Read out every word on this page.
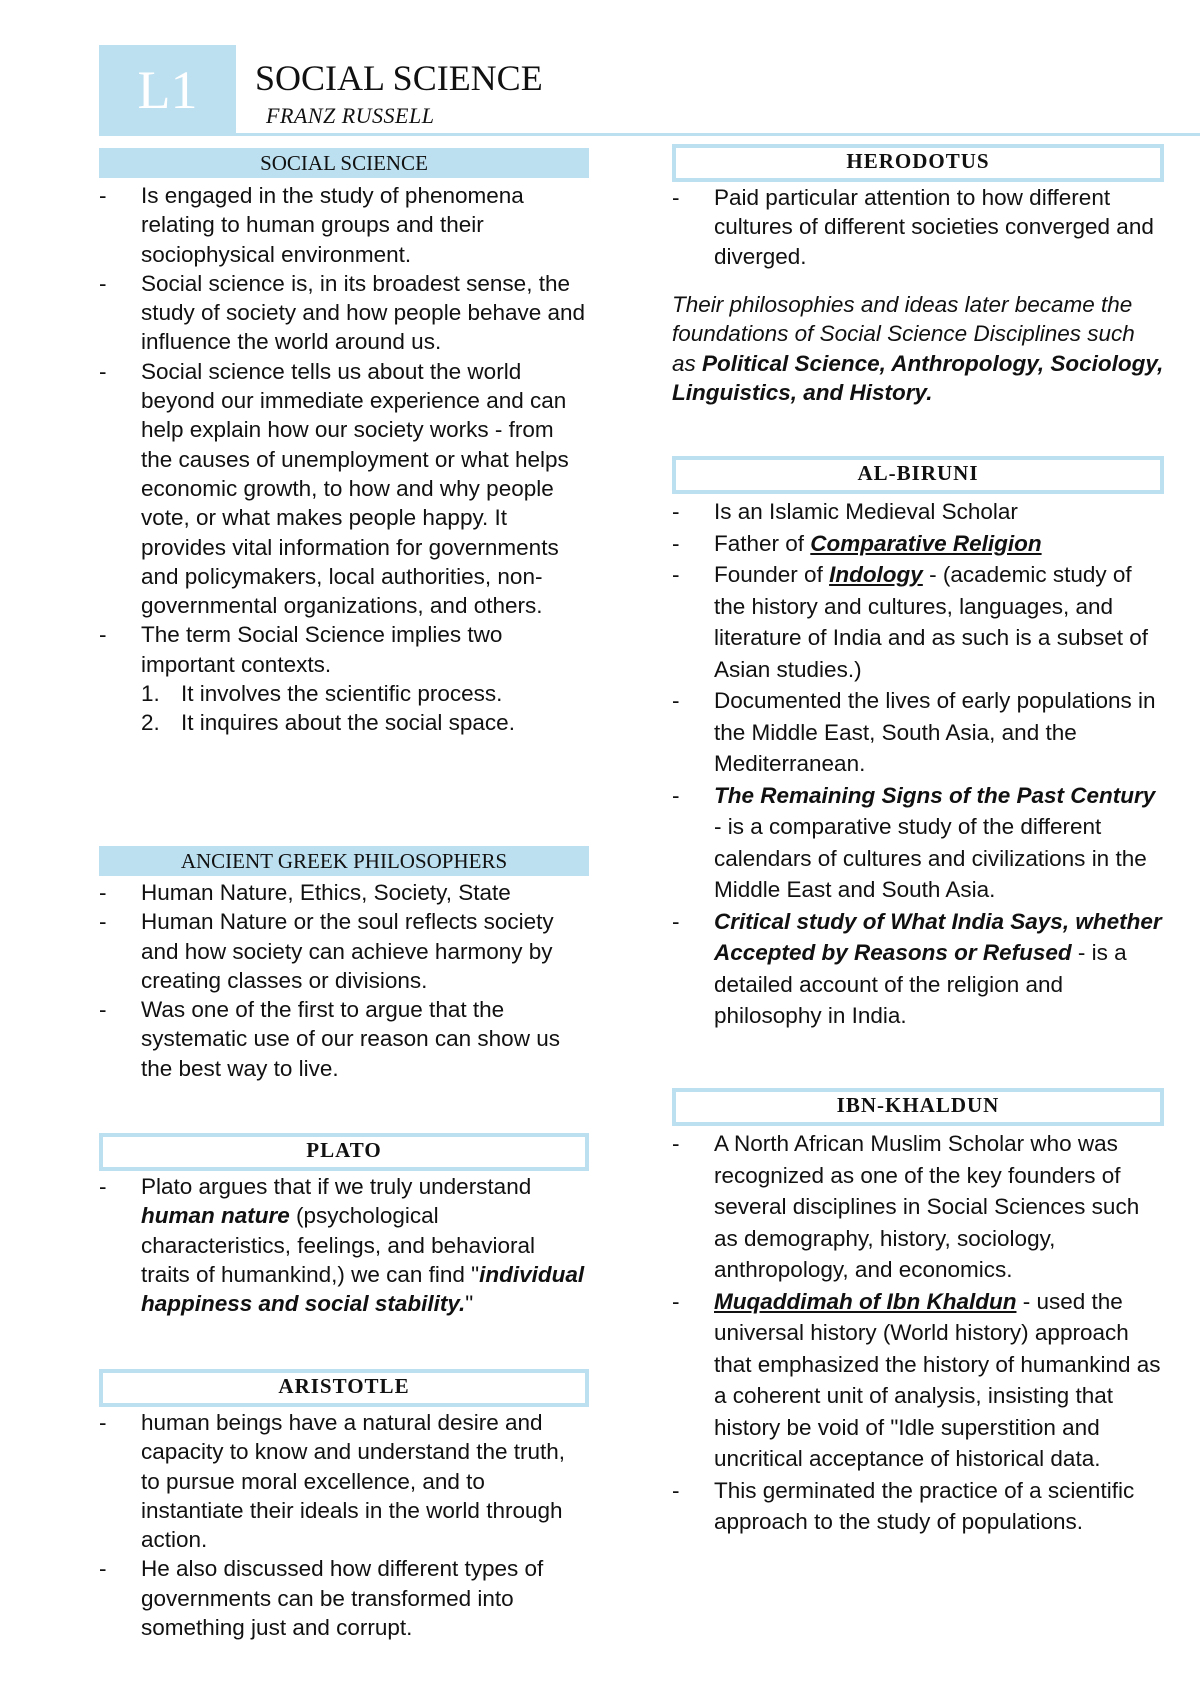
L1	SOCIAL SCIENCE
FRANZ RUSSELL
SOCIAL SCIENCE
- Is engaged in the study of phenomena relating to human groups and their sociophysical environment.
- Social science is, in its broadest sense, the study of society and how people behave and influence the world around us.
- Social science tells us about the world beyond our immediate experience and can help explain how our society works - from the causes of unemployment or what helps economic growth, to how and why people vote, or what makes people happy. It provides vital information for governments and policymakers, local authorities, non-governmental organizations, and others.
- The term Social Science implies two important contexts.
1. It involves the scientific process.
2. It inquires about the social space.
ANCIENT GREEK PHILOSOPHERS
- Human Nature, Ethics, Society, State
- Human Nature or the soul reflects society and how society can achieve harmony by creating classes or divisions.
- Was one of the first to argue that the systematic use of our reason can show us the best way to live.
PLATO
- Plato argues that if we truly understand human nature (psychological characteristics, feelings, and behavioral traits of humankind,) we can find "individual happiness and social stability."
ARISTOTLE
- human beings have a natural desire and capacity to know and understand the truth, to pursue moral excellence, and to instantiate their ideals in the world through action.
- He also discussed how different types of governments can be transformed into something just and corrupt.
HERODOTUS
- Paid particular attention to how different cultures of different societies converged and diverged.
Their philosophies and ideas later became the foundations of Social Science Disciplines such as Political Science, Anthropology, Sociology, Linguistics, and History.
AL-BIRUNI
- Is an Islamic Medieval Scholar
- Father of Comparative Religion
- Founder of Indology - (academic study of the history and cultures, languages, and literature of India and as such is a subset of Asian studies.)
- Documented the lives of early populations in the Middle East, South Asia, and the Mediterranean.
- The Remaining Signs of the Past Century - is a comparative study of the different calendars of cultures and civilizations in the Middle East and South Asia.
- Critical study of What India Says, whether Accepted by Reasons or Refused - is a detailed account of the religion and philosophy in India.
IBN-KHALDUN
- A North African Muslim Scholar who was recognized as one of the key founders of several disciplines in Social Sciences such as demography, history, sociology, anthropology, and economics.
- Muqaddimah of Ibn Khaldun - used the universal history (World history) approach that emphasized the history of humankind as a coherent unit of analysis, insisting that history be void of "Idle superstition and uncritical acceptance of historical data.
- This germinated the practice of a scientific approach to the study of populations.
